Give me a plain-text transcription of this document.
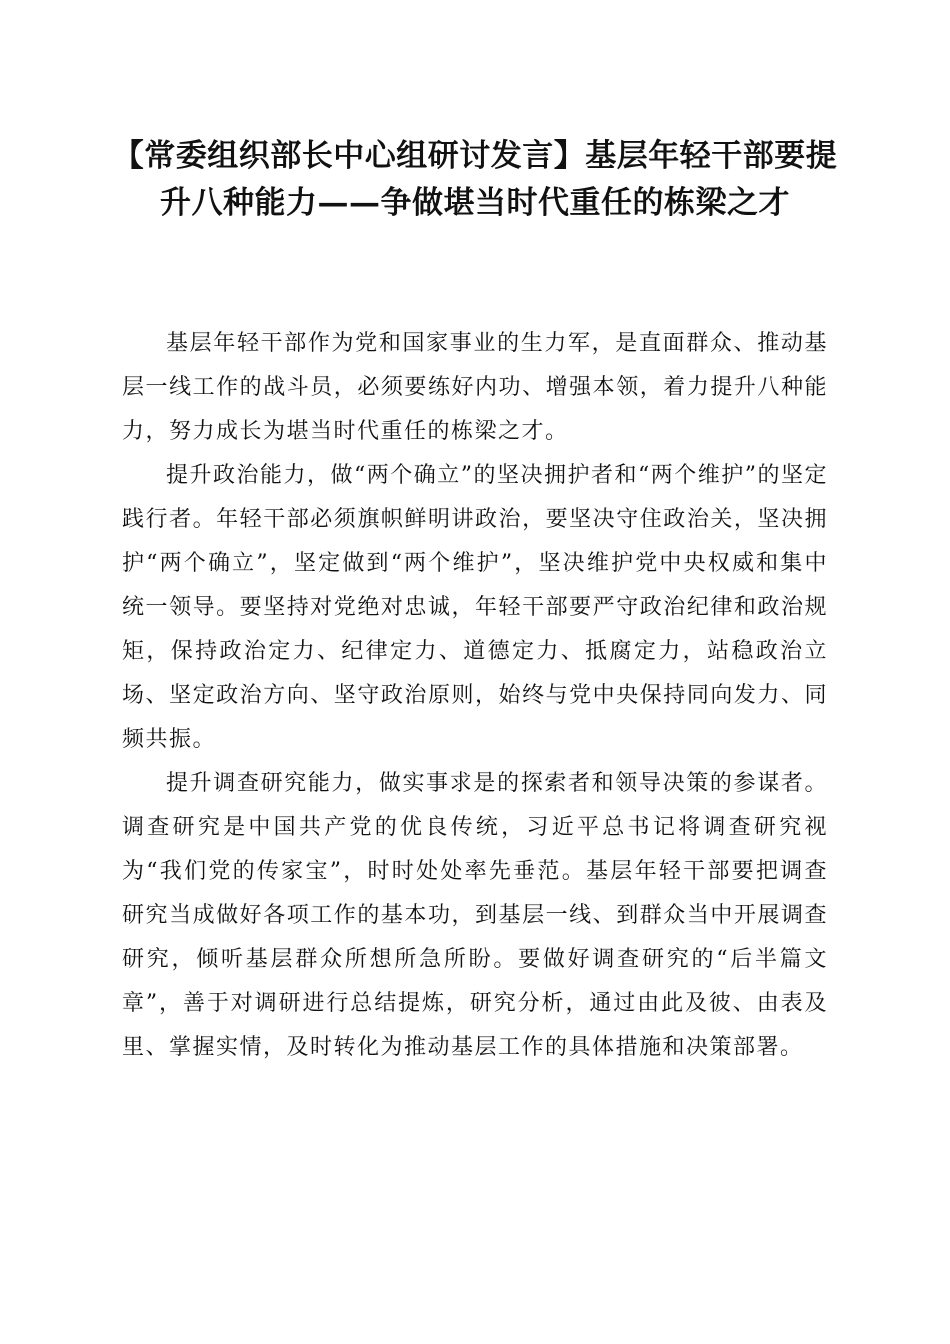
【常委组织部长中心组研讨发言】基层年轻干部要提升八种能力——争做堪当时代重任的栋梁之才

基层年轻干部作为党和国家事业的生力军，是直面群众、推动基层一线工作的战斗员，必须要练好内功、增强本领，着力提升八种能力，努力成长为堪当时代重任的栋梁之才。

提升政治能力，做“两个确立”的坚决拥护者和“两个维护”的坚定践行者。年轻干部必须旗帜鲜明讲政治，要坚决守住政治关，坚决拥护“两个确立”，坚定做到“两个维护”，坚决维护党中央权威和集中统一领导。要坚持对党绝对忠诚，年轻干部要严守政治纪律和政治规矩，保持政治定力、纪律定力、道德定力、抵腐定力，站稳政治立场、坚定政治方向、坚守政治原则，始终与党中央保持同向发力、同频共振。

提升调查研究能力，做实事求是的探索者和领导决策的参谋者。调查研究是中国共产党的优良传统，习近平总书记将调查研究视为“我们党的传家宝”，时时处处率先垂范。基层年轻干部要把调查研究当成做好各项工作的基本功，到基层一线、到群众当中开展调查研究，倾听基层群众所想所急所盼。要做好调查研究的“后半篇文章”，善于对调研进行总结提炼，研究分析，通过由此及彼、由表及里、掌握实情，及时转化为推动基层工作的具体措施和决策部署。
